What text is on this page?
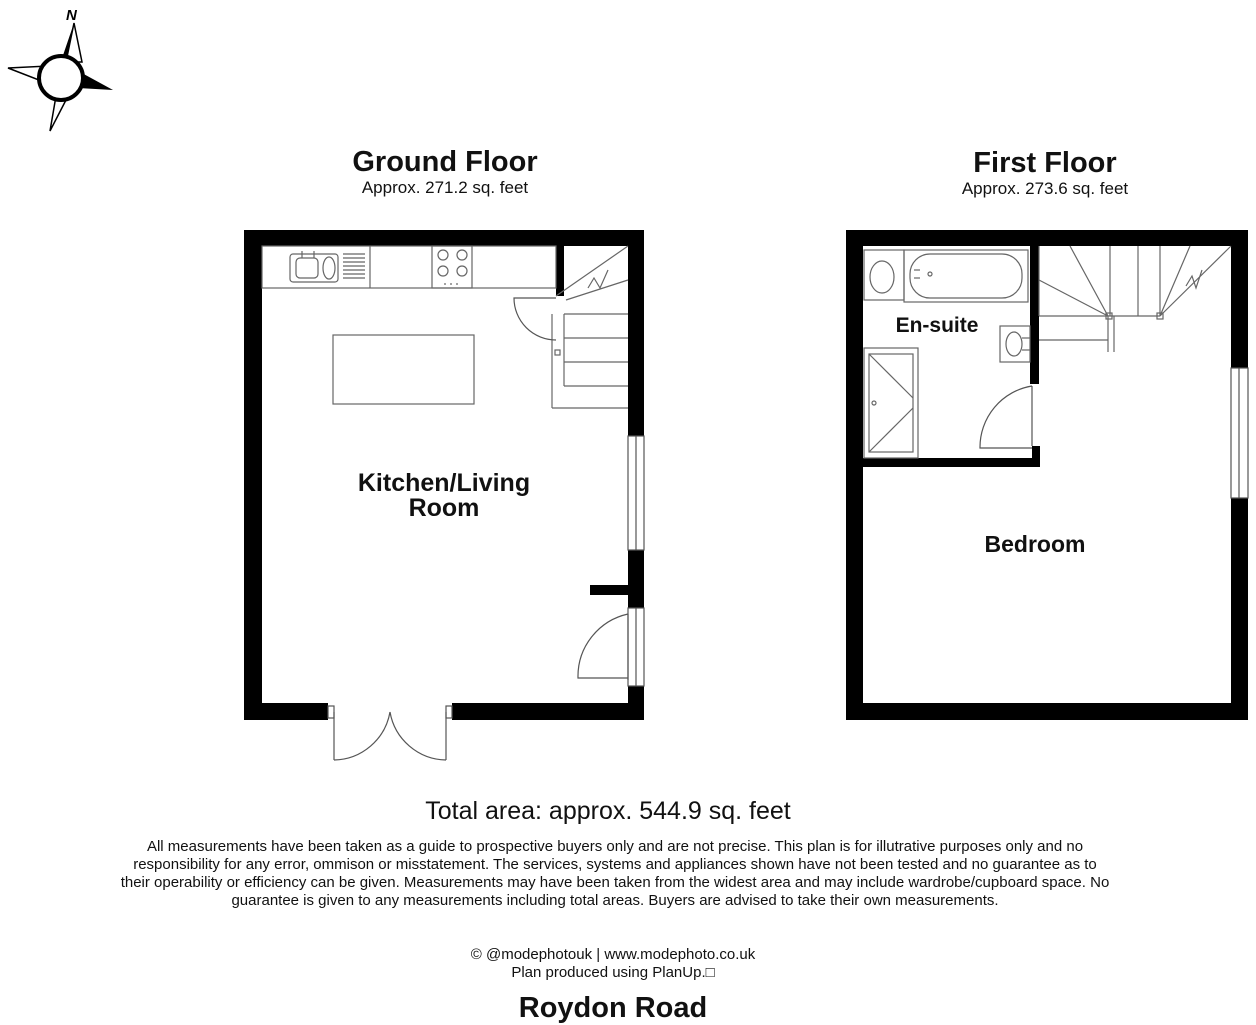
N
Kitchen/Living
Room
En-suite
Bedroom
Ground Floor
Approx. 271.2 sq. feet
First Floor
Approx. 273.6 sq. feet
Total area: approx. 544.9 sq. feet
All measurements have been taken as a guide to prospective buyers only and are not precise. This plan is for illutrative purposes only and no responsibility for any error, ommison or misstatement. The services, systems and appliances shown have not been tested and no guarantee as to their operability or efficiency can be given. Measurements may have been taken from the widest area and may include wardrobe/cupboard space. No guarantee is given to any measurements including total areas. Buyers are advised to take their own measurements.
© @modephotouk | www.modephoto.co.uk
Plan produced using PlanUp.□
Roydon Road
